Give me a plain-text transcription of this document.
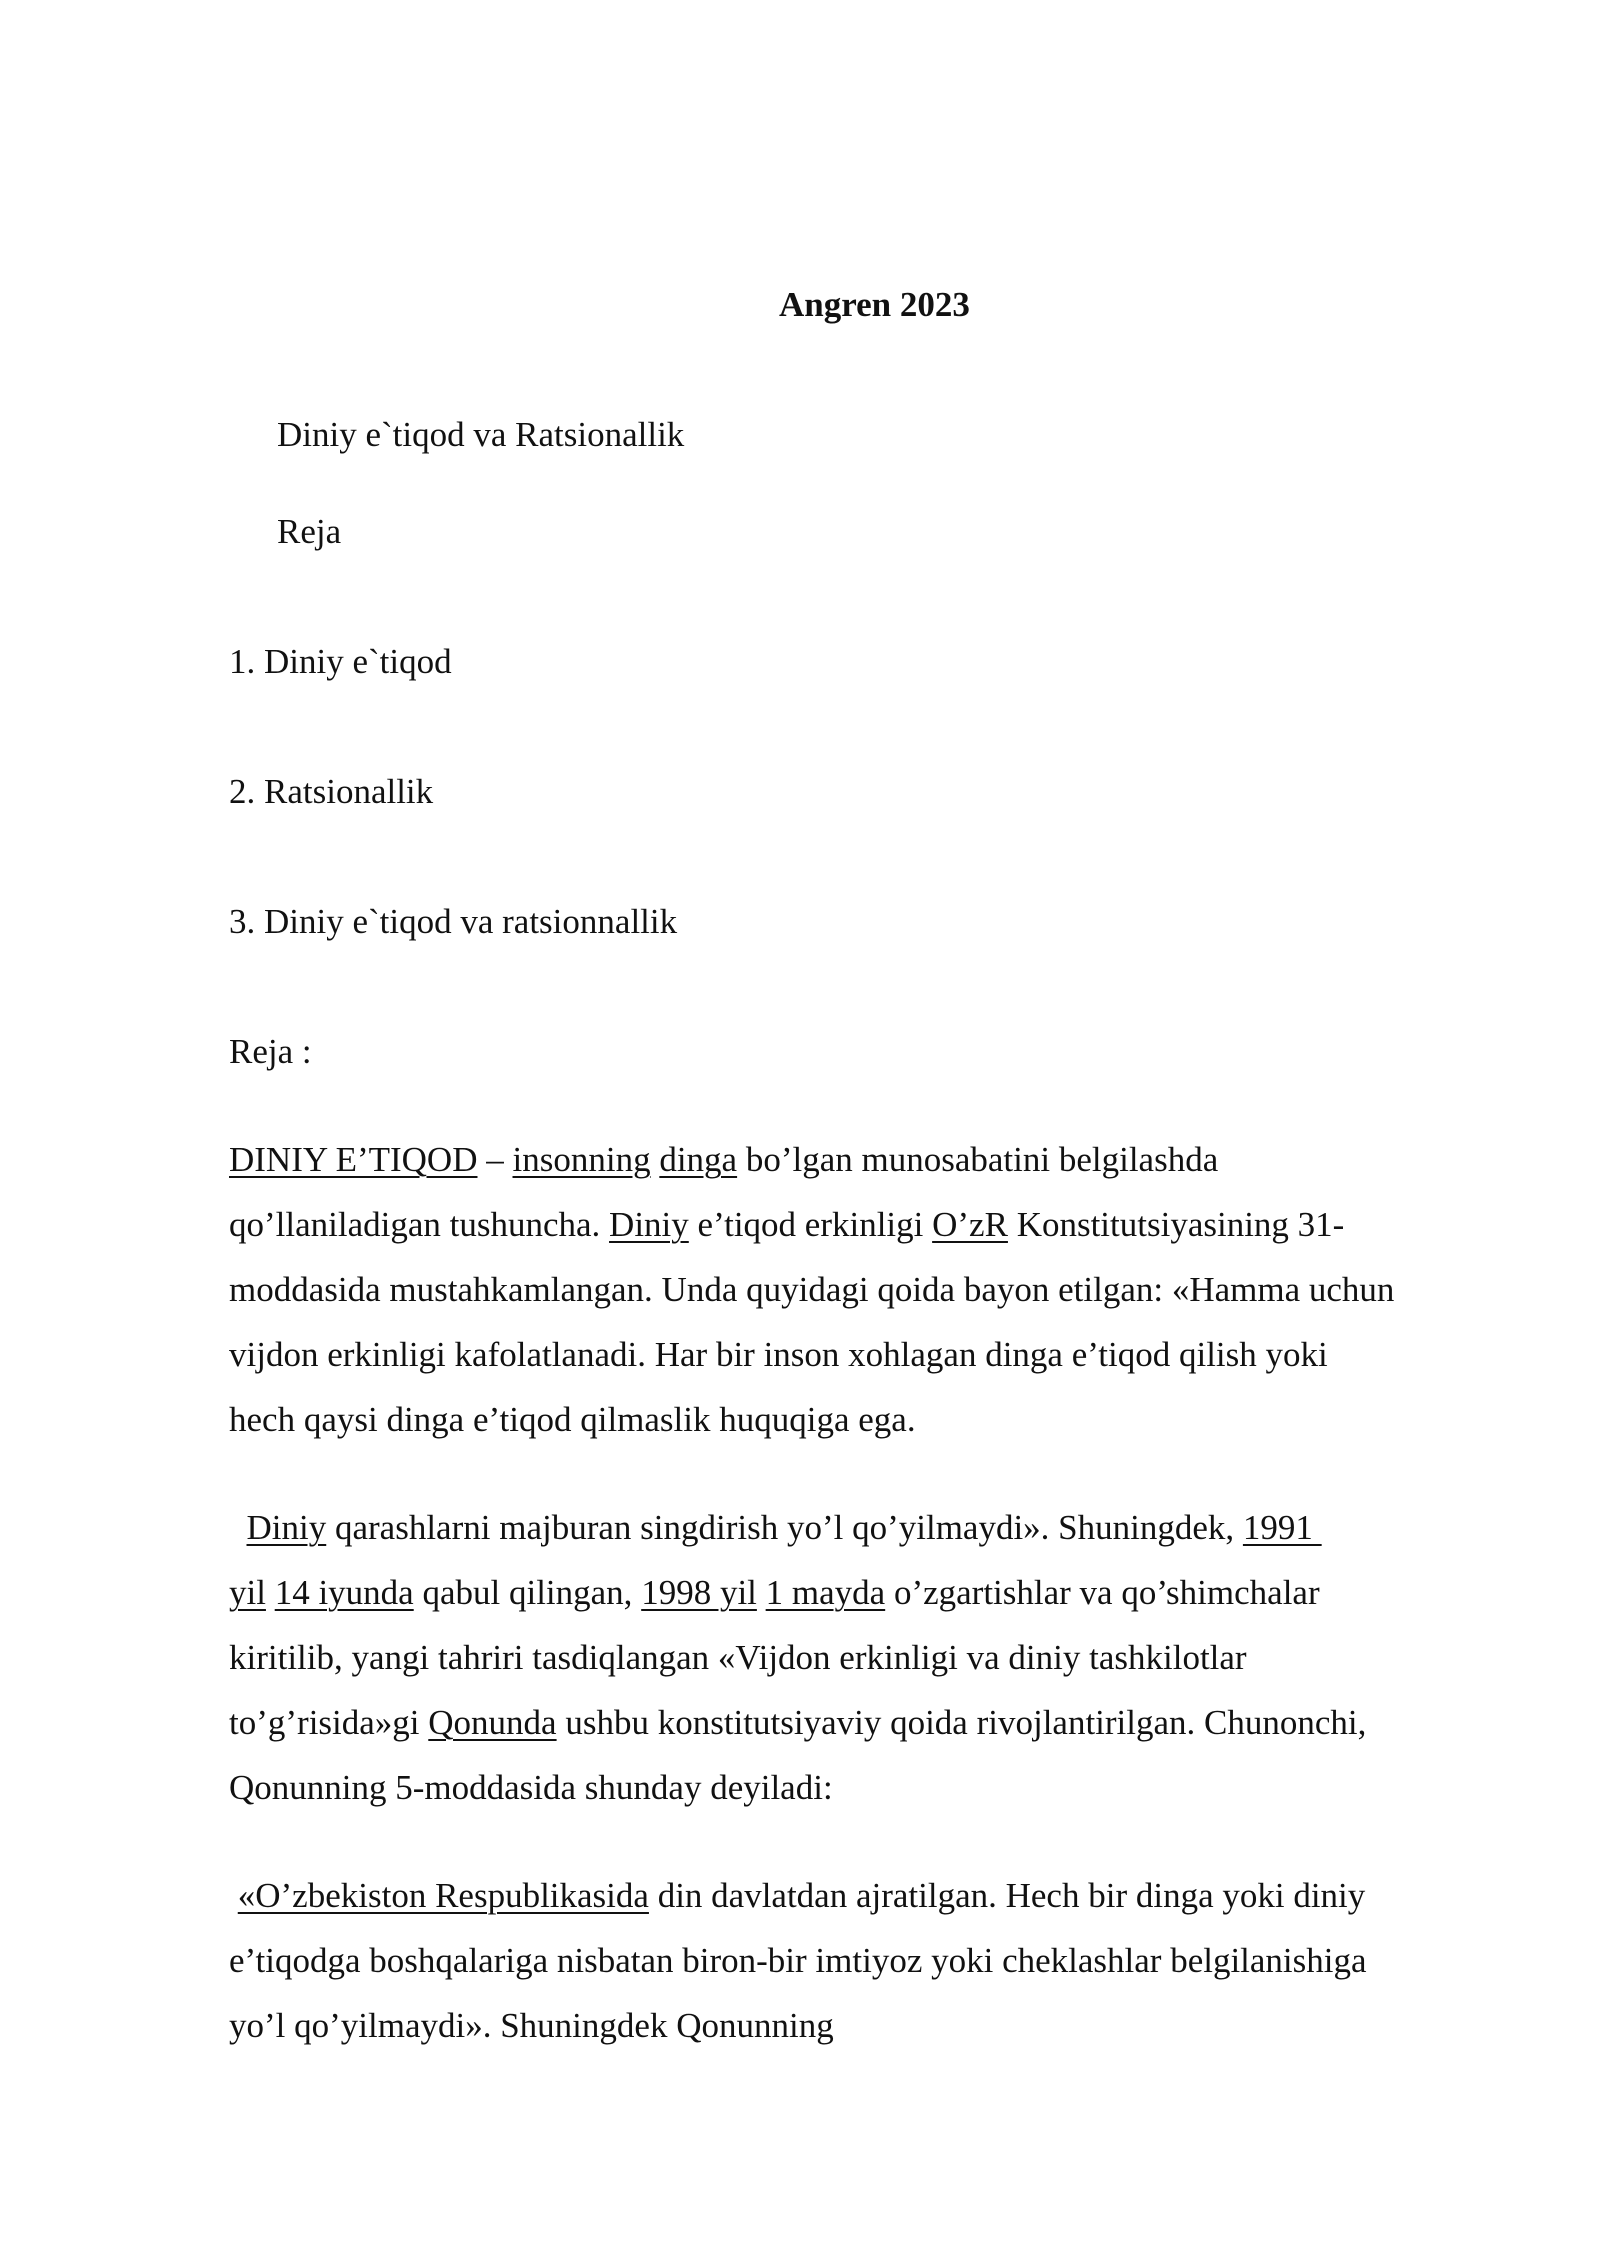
Angren 2023
Diniy e`tiqod va Ratsionallik
Reja
1. Diniy e`tiqod
2. Ratsionallik
3. Diniy e`tiqod va ratsionnallik
Reja :

DINIY E’TIQOD – insonning dinga bo’lgan munosabatini belgilashda

qo’llaniladigan tushuncha. Diniy e’tiqod erkinligi O’zR Konstitutsiyasining 31-

moddasida mustahkamlangan. Unda quyidagi qoida bayon etilgan: «Hamma uchun

vijdon erkinligi kafolatlanadi. Har bir inson xohlagan dinga e’tiqod qilish yoki

hech qaysi dinga e’tiqod qilmaslik huquqiga ega.

Diniy qarashlarni majburan singdirish yo’l qo’yilmaydi». Shuningdek, 1991

yil 14 iyunda qabul qilingan, 1998 yil 1 mayda o’zgartishlar va qo’shimchalar

kiritilib, yangi tahriri tasdiqlangan «Vijdon erkinligi va diniy tashkilotlar

to’g’risida»gi Qonunda ushbu konstitutsiyaviy qoida rivojlantirilgan. Chunonchi,

Qonunning 5-moddasida shunday deyiladi:

«O’zbekiston Respublikasida din davlatdan ajratilgan. Hech bir dinga yoki diniy

e’tiqodga boshqalariga nisbatan biron-bir imtiyoz yoki cheklashlar belgilanishiga

yo’l qo’yilmaydi». Shuningdek Qonunning
